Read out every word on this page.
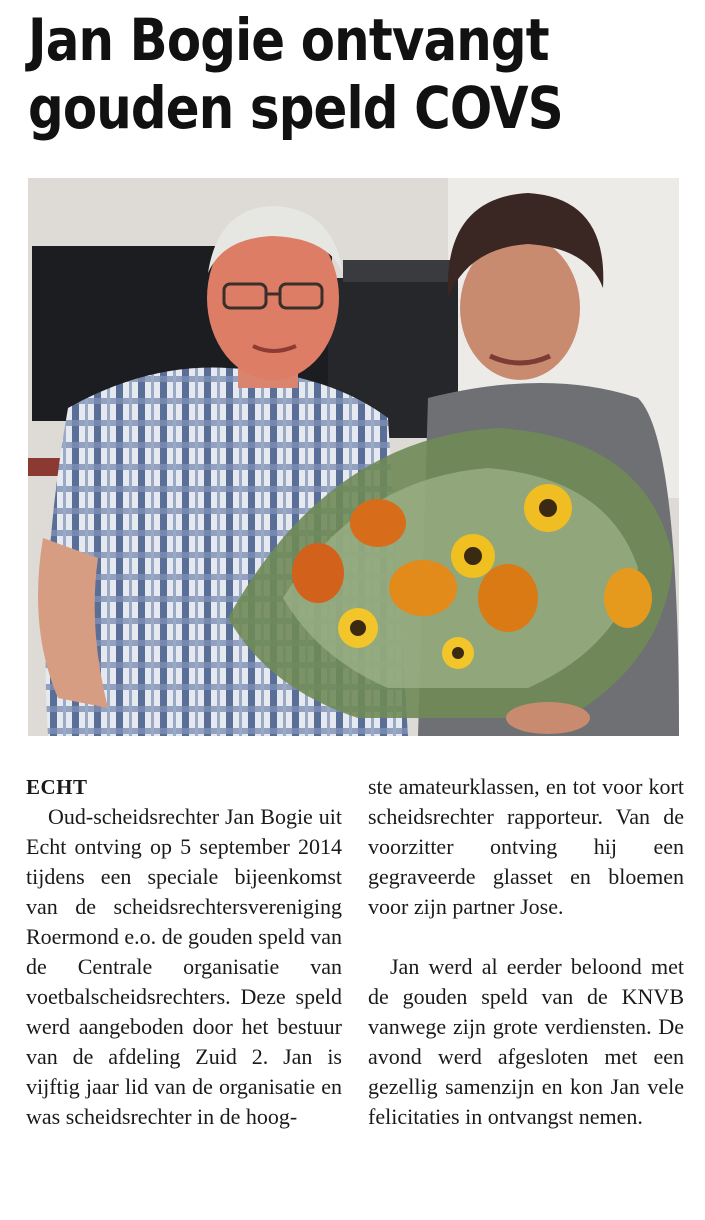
Jan Bogie ontvangt
gouden speld COVS

ECHT

Oud-scheidsrechter Jan Bogie uit Echt ontving op 5 september 2014 tijdens een speciale bijeenkomst van de scheidsrechtersvereniging Roermond e.o. de gouden speld van de Centrale organisatie van voetbalscheidsrechters. Deze speld werd aangeboden door het bestuur van de afdeling Zuid 2. Jan is vijftig jaar lid van de organisatie en was scheidsrechter in de hoog-

ste amateurklassen, en tot voor kort scheidsrechter rapporteur. Van de voorzitter ontving hij een gegraveerde glasset en bloemen voor zijn partner Jose.

Jan werd al eerder beloond met de gouden speld van de KNVB vanwege zijn grote verdiensten. De avond werd afgesloten met een gezellig samenzijn en kon Jan vele felicitaties in ontvangst nemen.
